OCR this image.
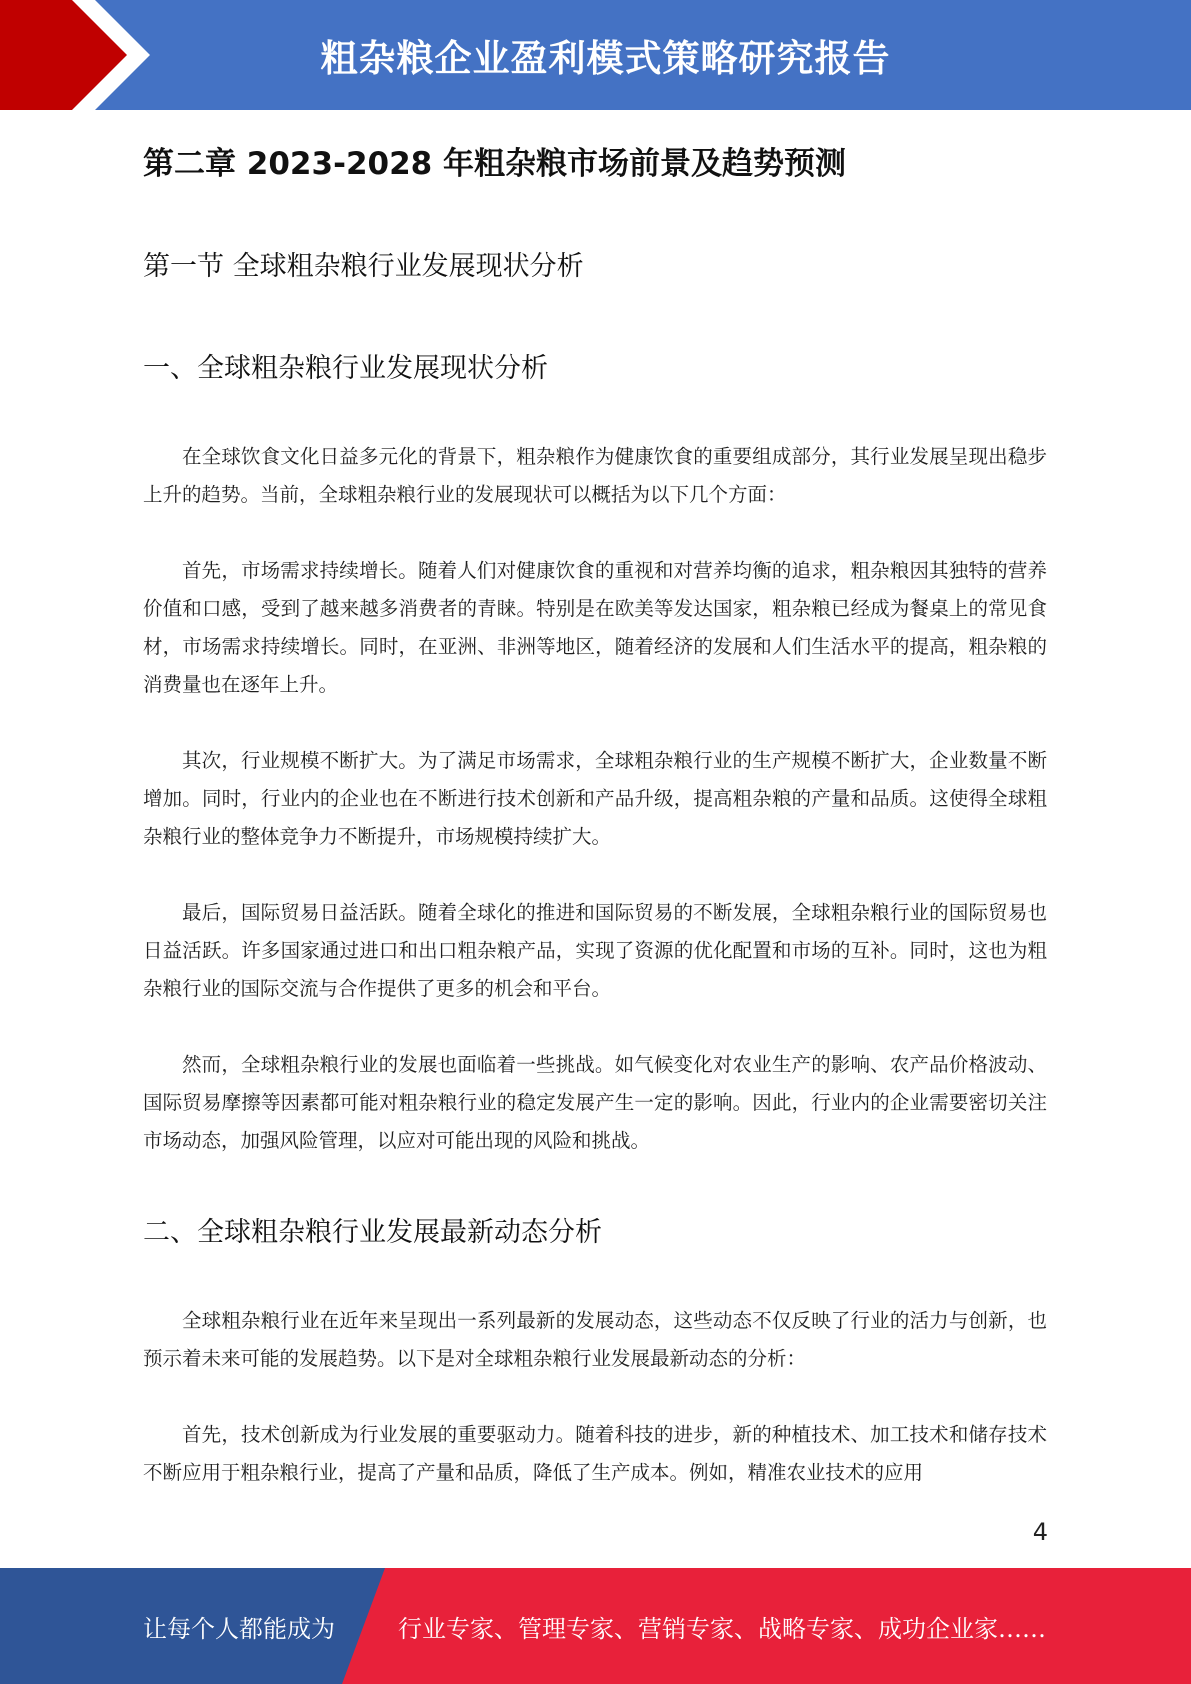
粗杂粮企业盈利模式策略研究报告
第二章 2023-2028 年粗杂粮市场前景及趋势预测
第一节 全球粗杂粮行业发展现状分析
一、全球粗杂粮行业发展现状分析

在全球饮食文化日益多元化的背景下，粗杂粮作为健康饮食的重要组成部分，其行业发展呈现出稳步上升的趋势。当前，全球粗杂粮行业的发展现状可以概括为以下几个方面：

首先，市场需求持续增长。随着人们对健康饮食的重视和对营养均衡的追求，粗杂粮因其独特的营养价值和口感，受到了越来越多消费者的青睐。特别是在欧美等发达国家，粗杂粮已经成为餐桌上的常见食材，市场需求持续增长。同时，在亚洲、非洲等地区，随着经济的发展和人们生活水平的提高，粗杂粮的消费量也在逐年上升。

其次，行业规模不断扩大。为了满足市场需求，全球粗杂粮行业的生产规模不断扩大，企业数量不断增加。同时，行业内的企业也在不断进行技术创新和产品升级，提高粗杂粮的产量和品质。这使得全球粗杂粮行业的整体竞争力不断提升，市场规模持续扩大。

最后，国际贸易日益活跃。随着全球化的推进和国际贸易的不断发展，全球粗杂粮行业的国际贸易也日益活跃。许多国家通过进口和出口粗杂粮产品，实现了资源的优化配置和市场的互补。同时，这也为粗杂粮行业的国际交流与合作提供了更多的机会和平台。

然而，全球粗杂粮行业的发展也面临着一些挑战。如气候变化对农业生产的影响、农产品价格波动、国际贸易摩擦等因素都可能对粗杂粮行业的稳定发展产生一定的影响。因此，行业内的企业需要密切关注市场动态，加强风险管理，以应对可能出现的风险和挑战。

二、全球粗杂粮行业发展最新动态分析

全球粗杂粮行业在近年来呈现出一系列最新的发展动态，这些动态不仅反映了行业的活力与创新，也预示着未来可能的发展趋势。以下是对全球粗杂粮行业发展最新动态的分析：

首先，技术创新成为行业发展的重要驱动力。随着科技的进步，新的种植技术、加工技术和储存技术不断应用于粗杂粮行业，提高了产量和品质，降低了生产成本。例如，精准农业技术的应用

4
让每个人都能成为	行业专家、管理专家、营销专家、战略专家、成功企业家……
